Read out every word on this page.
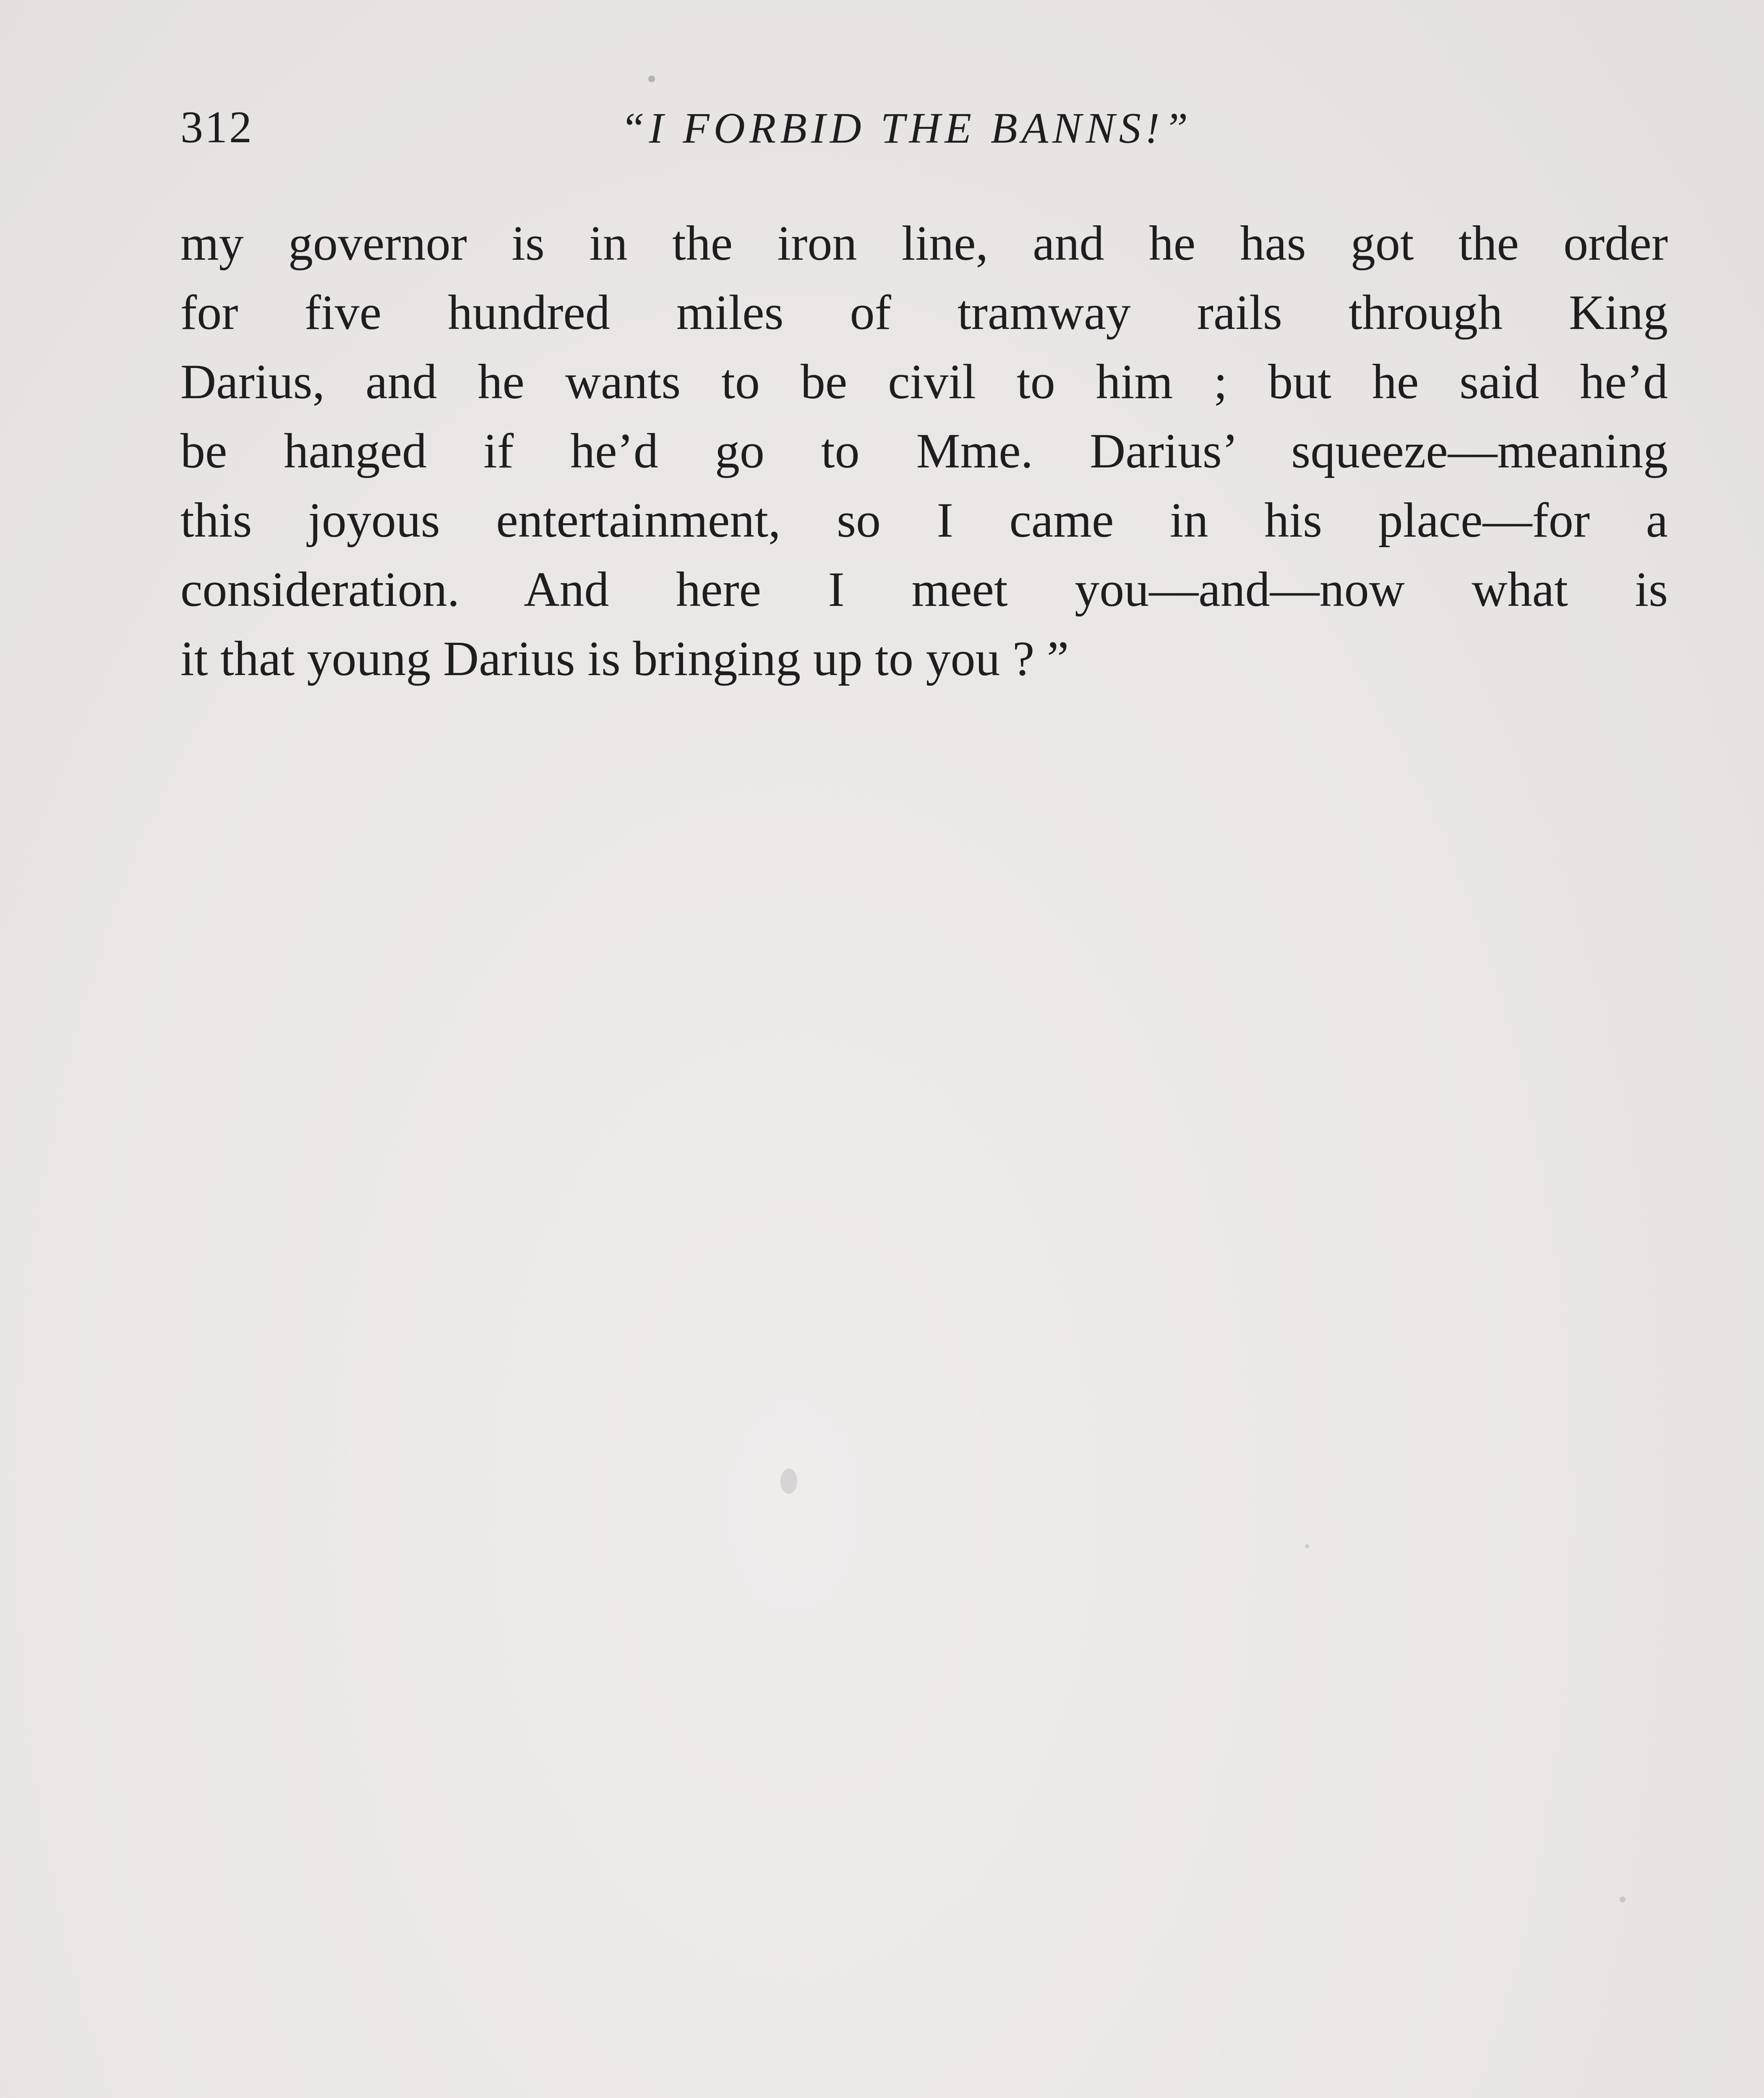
312	“I FORBID THE BANNS!”
my governor is in the iron line, and he has got the order
for five hundred miles of tramway rails through King
Darius, and he wants to be civil to him ; but he said he’d
be hanged if he’d go to Mme. Darius’ squeeze—meaning
this joyous entertainment, so I came in his place—for a
consideration. And here I meet you—and—now what is
it that young Darius is bringing up to you ? ”
